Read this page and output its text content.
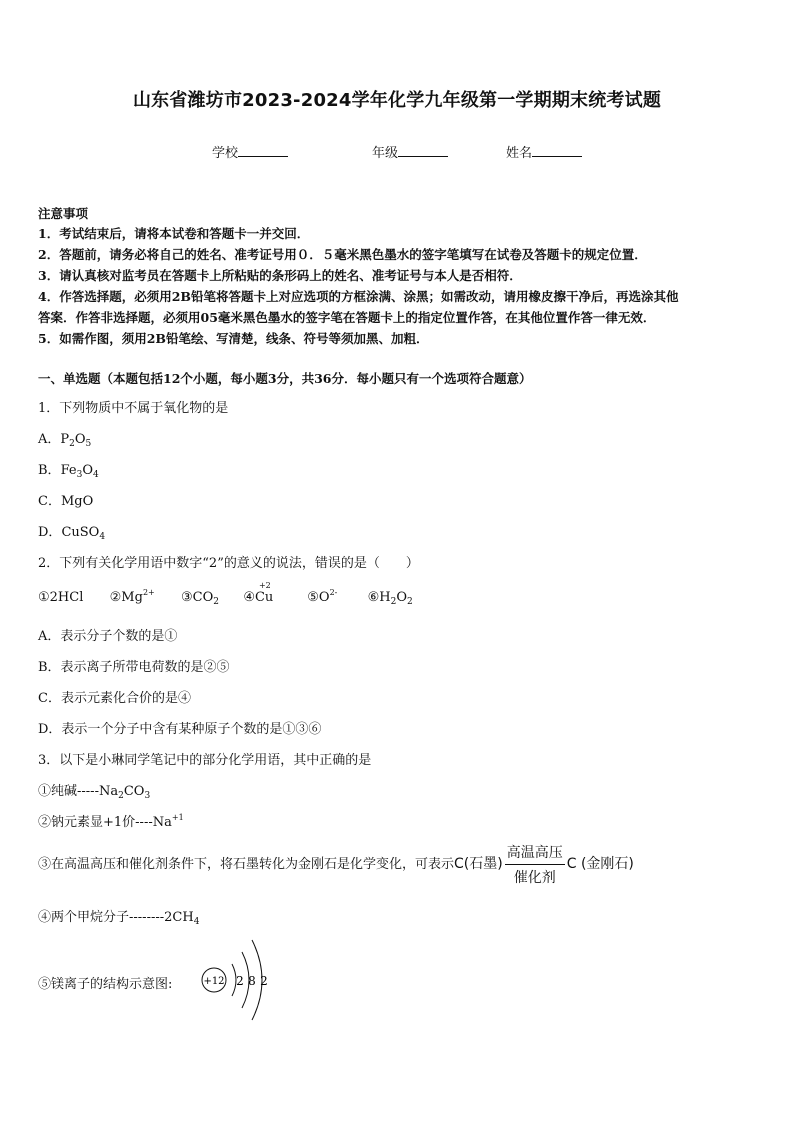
山东省潍坊市2023-2024学年化学九年级第一学期期末统考试题
学校	年级	姓名
注意事项
1．考试结束后，请将本试卷和答题卡一并交回．
2．答题前，请务必将自己的姓名、准考证号用０．５毫米黑色墨水的签字笔填写在试卷及答题卡的规定位置．
3．请认真核对监考员在答题卡上所粘贴的条形码上的姓名、准考证号与本人是否相符．
4．作答选择题，必须用2B铅笔将答题卡上对应选项的方框涂满、涂黑；如需改动，请用橡皮擦干净后，再选涂其他
答案．作答非选择题，必须用05毫米黑色墨水的签字笔在答题卡上的指定位置作答，在其他位置作答一律无效．
5．如需作图，须用2B铅笔绘、写清楚，线条、符号等须加黑、加粗．
一、单选题（本题包括12个小题，每小题3分，共36分．每小题只有一个选项符合题意）
1．下列物质中不属于氧化物的是
A．$P_2O_5$
B．$Fe_3O_4$
C．MgO
D．CuSO$_4$
2．下列有关化学用语中数字“2”的意义的说法，错误的是（　　）
①2HCl $②Mg^{2+}$ $③CO_2$ ④
+2
Cu	$⑤O^{2-}$ $⑥H_2O_2$
A．表示分子个数的是①
B．表示离子所带电荷数的是②⑤
C．表示元素化合价的是④
D．表示一个分子中含有某种原子个数的是①③⑥
3．以下是小琳同学笔记中的部分化学用语，其中正确的是
①纯碱$-----Na_2CO_3$
②钠元素显+1价$----Na^{+1}$
③在高温高压和催化剂条件下，将石墨转化为金刚石是化学变化，可表示C(石墨) $\frac{\text{高温高压}}{\text{催化剂}}$ C (金刚石)
④两个甲烷分子$--------2CH_4$
⑤镁离子的结构示意图:	+12 2 8 2
